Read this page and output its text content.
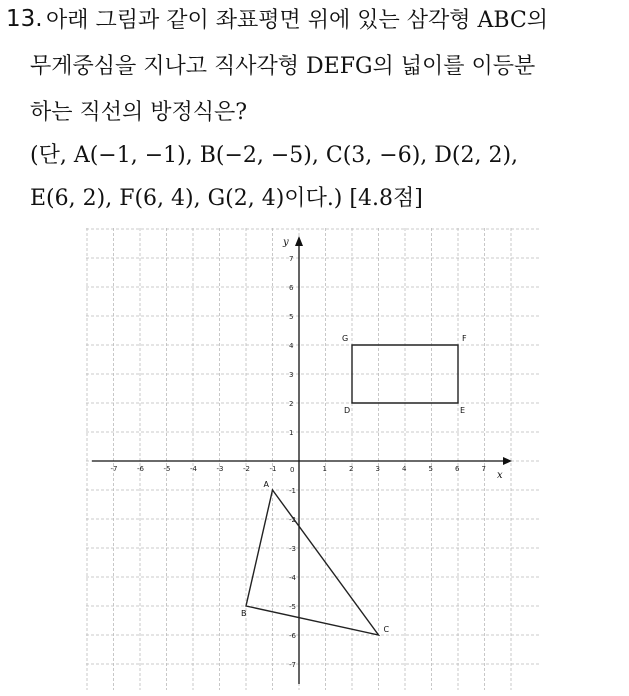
13. 아래 그림과 같이 좌표평면 위에 있는 삼각형 ABC의
무게중심을 지나고 직사각형 DEFG의 넓이를 이등분
하는 직선의 방정식은?
(단, A(−1, −1), B(−2, −5), C(3, −6), D(2, 2),
E(6, 2), F(6, 4), G(2, 4)이다.) [4.8점]
x
y
0
-7	-6	-5	-4	-3	-2	-1	1	2	3	4	5	6	7
7
6
5
4
3
2
1
-1
-2
-3
-4
-5
-6
-7
A
B
C
D	E
F
G
